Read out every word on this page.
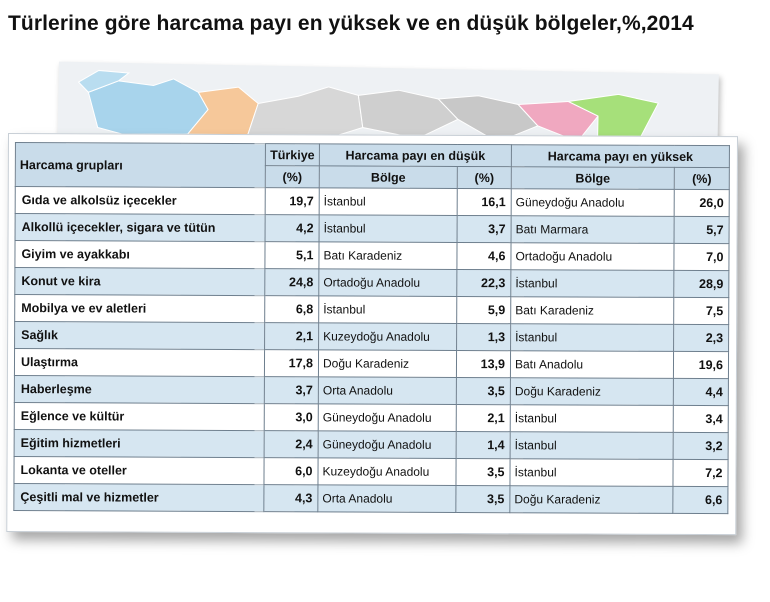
Türlerine göre harcama payı en yüksek ve en düşük bölgeler,%,2014
Harcama grupları	Türkiye	Harcama payı en düşük		Harcama payı en yüksek	
	(%)	Bölge	(%)	Bölge	(%)
Gıda ve alkolsüz içecekler	19,7	İstanbul	16,1	Güneydoğu Anadolu	26,0
Alkollü içecekler, sigara ve tütün	4,2	İstanbul	3,7	Batı Marmara	5,7
Giyim ve ayakkabı	5,1	Batı Karadeniz	4,6	Ortadoğu Anadolu	7,0
Konut ve kira	24,8	Ortadoğu Anadolu	22,3	İstanbul	28,9
Mobilya ve ev aletleri	6,8	İstanbul	5,9	Batı Karadeniz	7,5
Sağlık	2,1	Kuzeydoğu Anadolu	1,3	İstanbul	2,3
Ulaştırma	17,8	Doğu Karadeniz	13,9	Batı Anadolu	19,6
Haberleşme	3,7	Orta Anadolu	3,5	Doğu Karadeniz	4,4
Eğlence ve kültür	3,0	Güneydoğu Anadolu	2,1	İstanbul	3,4
Eğitim hizmetleri	2,4	Güneydoğu Anadolu	1,4	İstanbul	3,2
Lokanta ve oteller	6,0	Kuzeydoğu Anadolu	3,5	İstanbul	7,2
Çeşitli mal ve hizmetler	4,3	Orta Anadolu	3,5	Doğu Karadeniz	6,6
